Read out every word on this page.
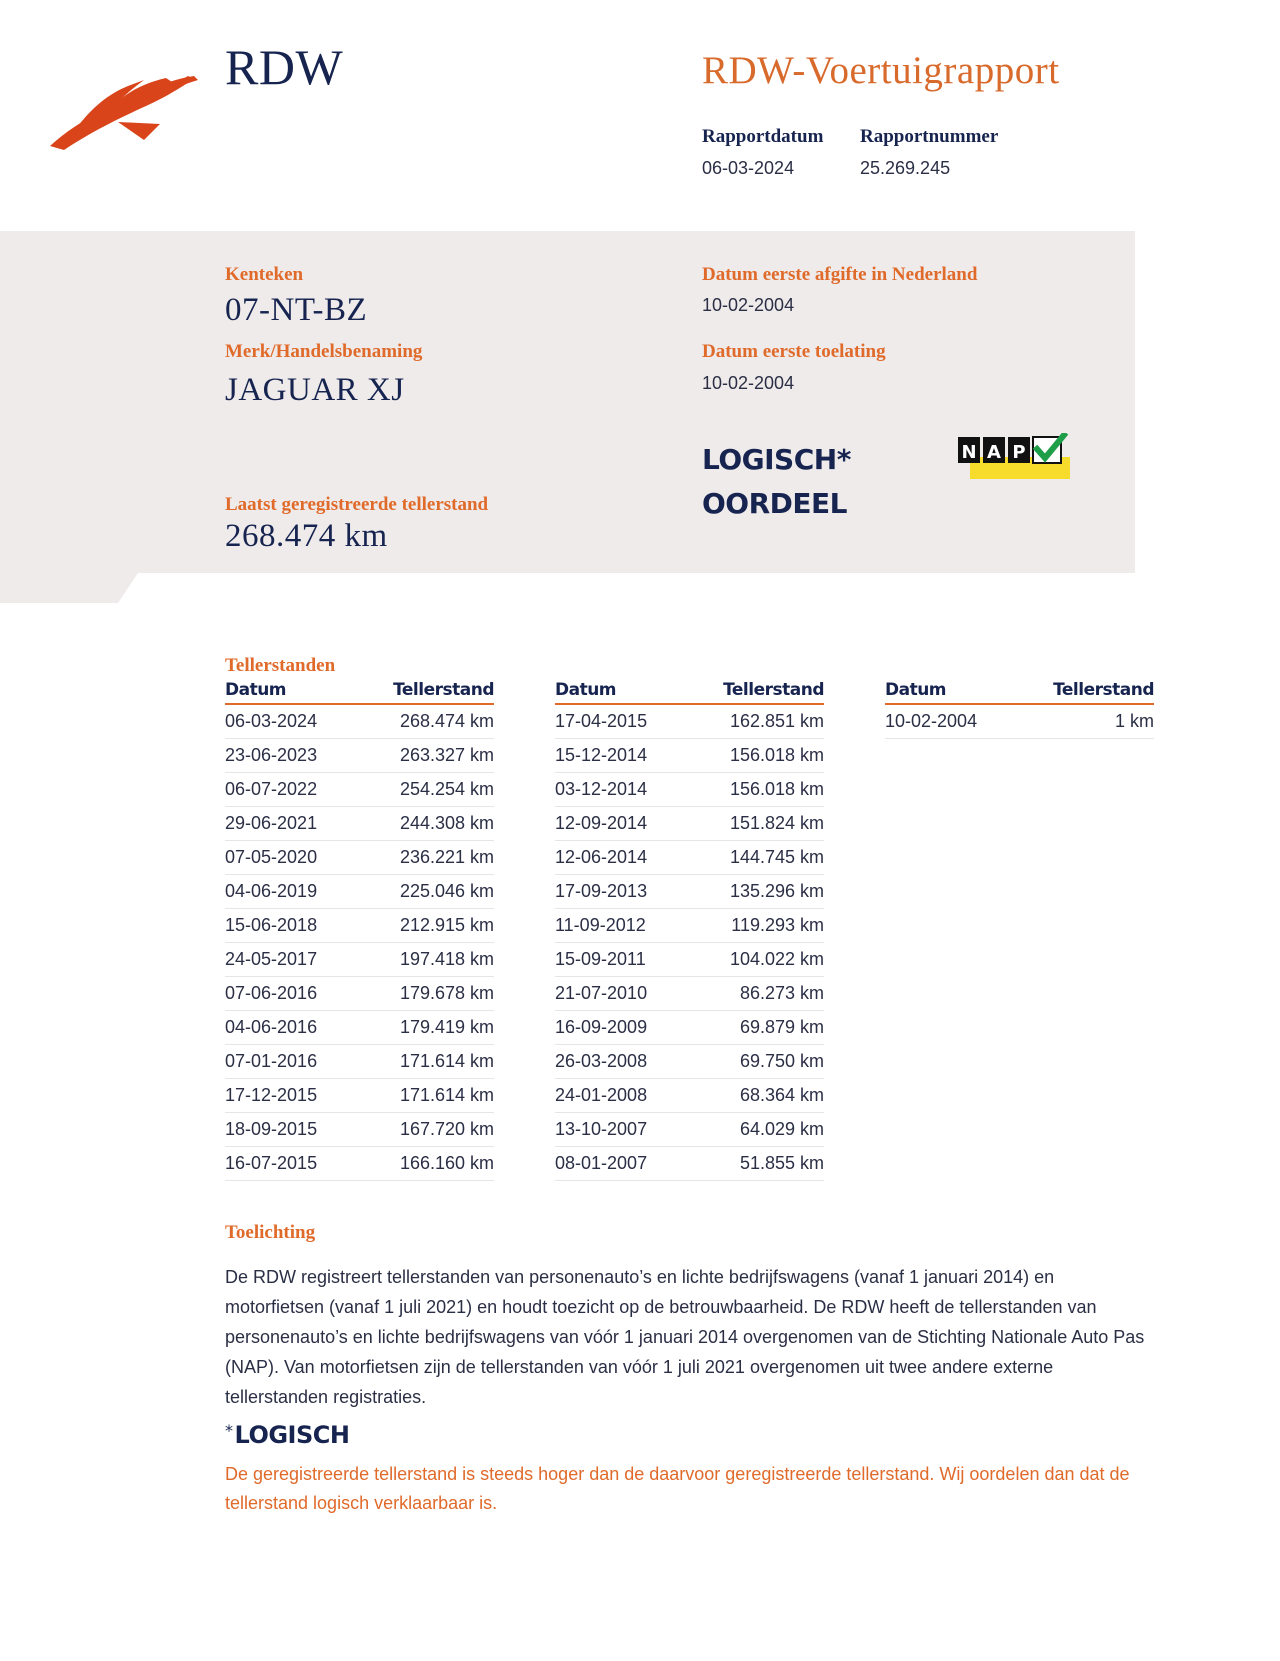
RDW	RDW-Voertuigrapport
Rapportdatum
06-03-2024
Rapportnummer
25.269.245
Kenteken
07-NT-BZ
Merk/Handelsbenaming
JAGUAR XJ
Laatst geregistreerde tellerstand
268.474 km
Datum eerste afgifte in Nederland
10-02-2004
Datum eerste toelating
10-02-2004
LOGISCH*
OORDEEL
N A P
Tellerstanden
Datum	Tellerstand
06-03-2024	268.474 km
23-06-2023	263.327 km
06-07-2022	254.254 km
29-06-2021	244.308 km
07-05-2020	236.221 km
04-06-2019	225.046 km
15-06-2018	212.915 km
24-05-2017	197.418 km
07-06-2016	179.678 km
04-06-2016	179.419 km
07-01-2016	171.614 km
17-12-2015	171.614 km
18-09-2015	167.720 km
16-07-2015	166.160 km
Datum	Tellerstand
17-04-2015	162.851 km
15-12-2014	156.018 km
03-12-2014	156.018 km
12-09-2014	151.824 km
12-06-2014	144.745 km
17-09-2013	135.296 km
11-09-2012	119.293 km
15-09-2011	104.022 km
21-07-2010	86.273 km
16-09-2009	69.879 km
26-03-2008	69.750 km
24-01-2008	68.364 km
13-10-2007	64.029 km
08-01-2007	51.855 km
Datum	Tellerstand
10-02-2004	1 km
Toelichting
De RDW registreert tellerstanden van personenauto’s en lichte bedrijfswagens (vanaf 1 januari 2014) en motorfietsen (vanaf 1 juli 2021) en houdt toezicht op de betrouwbaarheid. De RDW heeft de tellerstanden van personenauto’s en lichte bedrijfswagens van vóór 1 januari 2014 overgenomen van de Stichting Nationale Auto Pas (NAP). Van motorfietsen zijn de tellerstanden van vóór 1 juli 2021 overgenomen uit twee andere externe tellerstanden registraties.
*LOGISCH
De geregistreerde tellerstand is steeds hoger dan de daarvoor geregistreerde tellerstand. Wij oordelen dan dat de tellerstand logisch verklaarbaar is.
